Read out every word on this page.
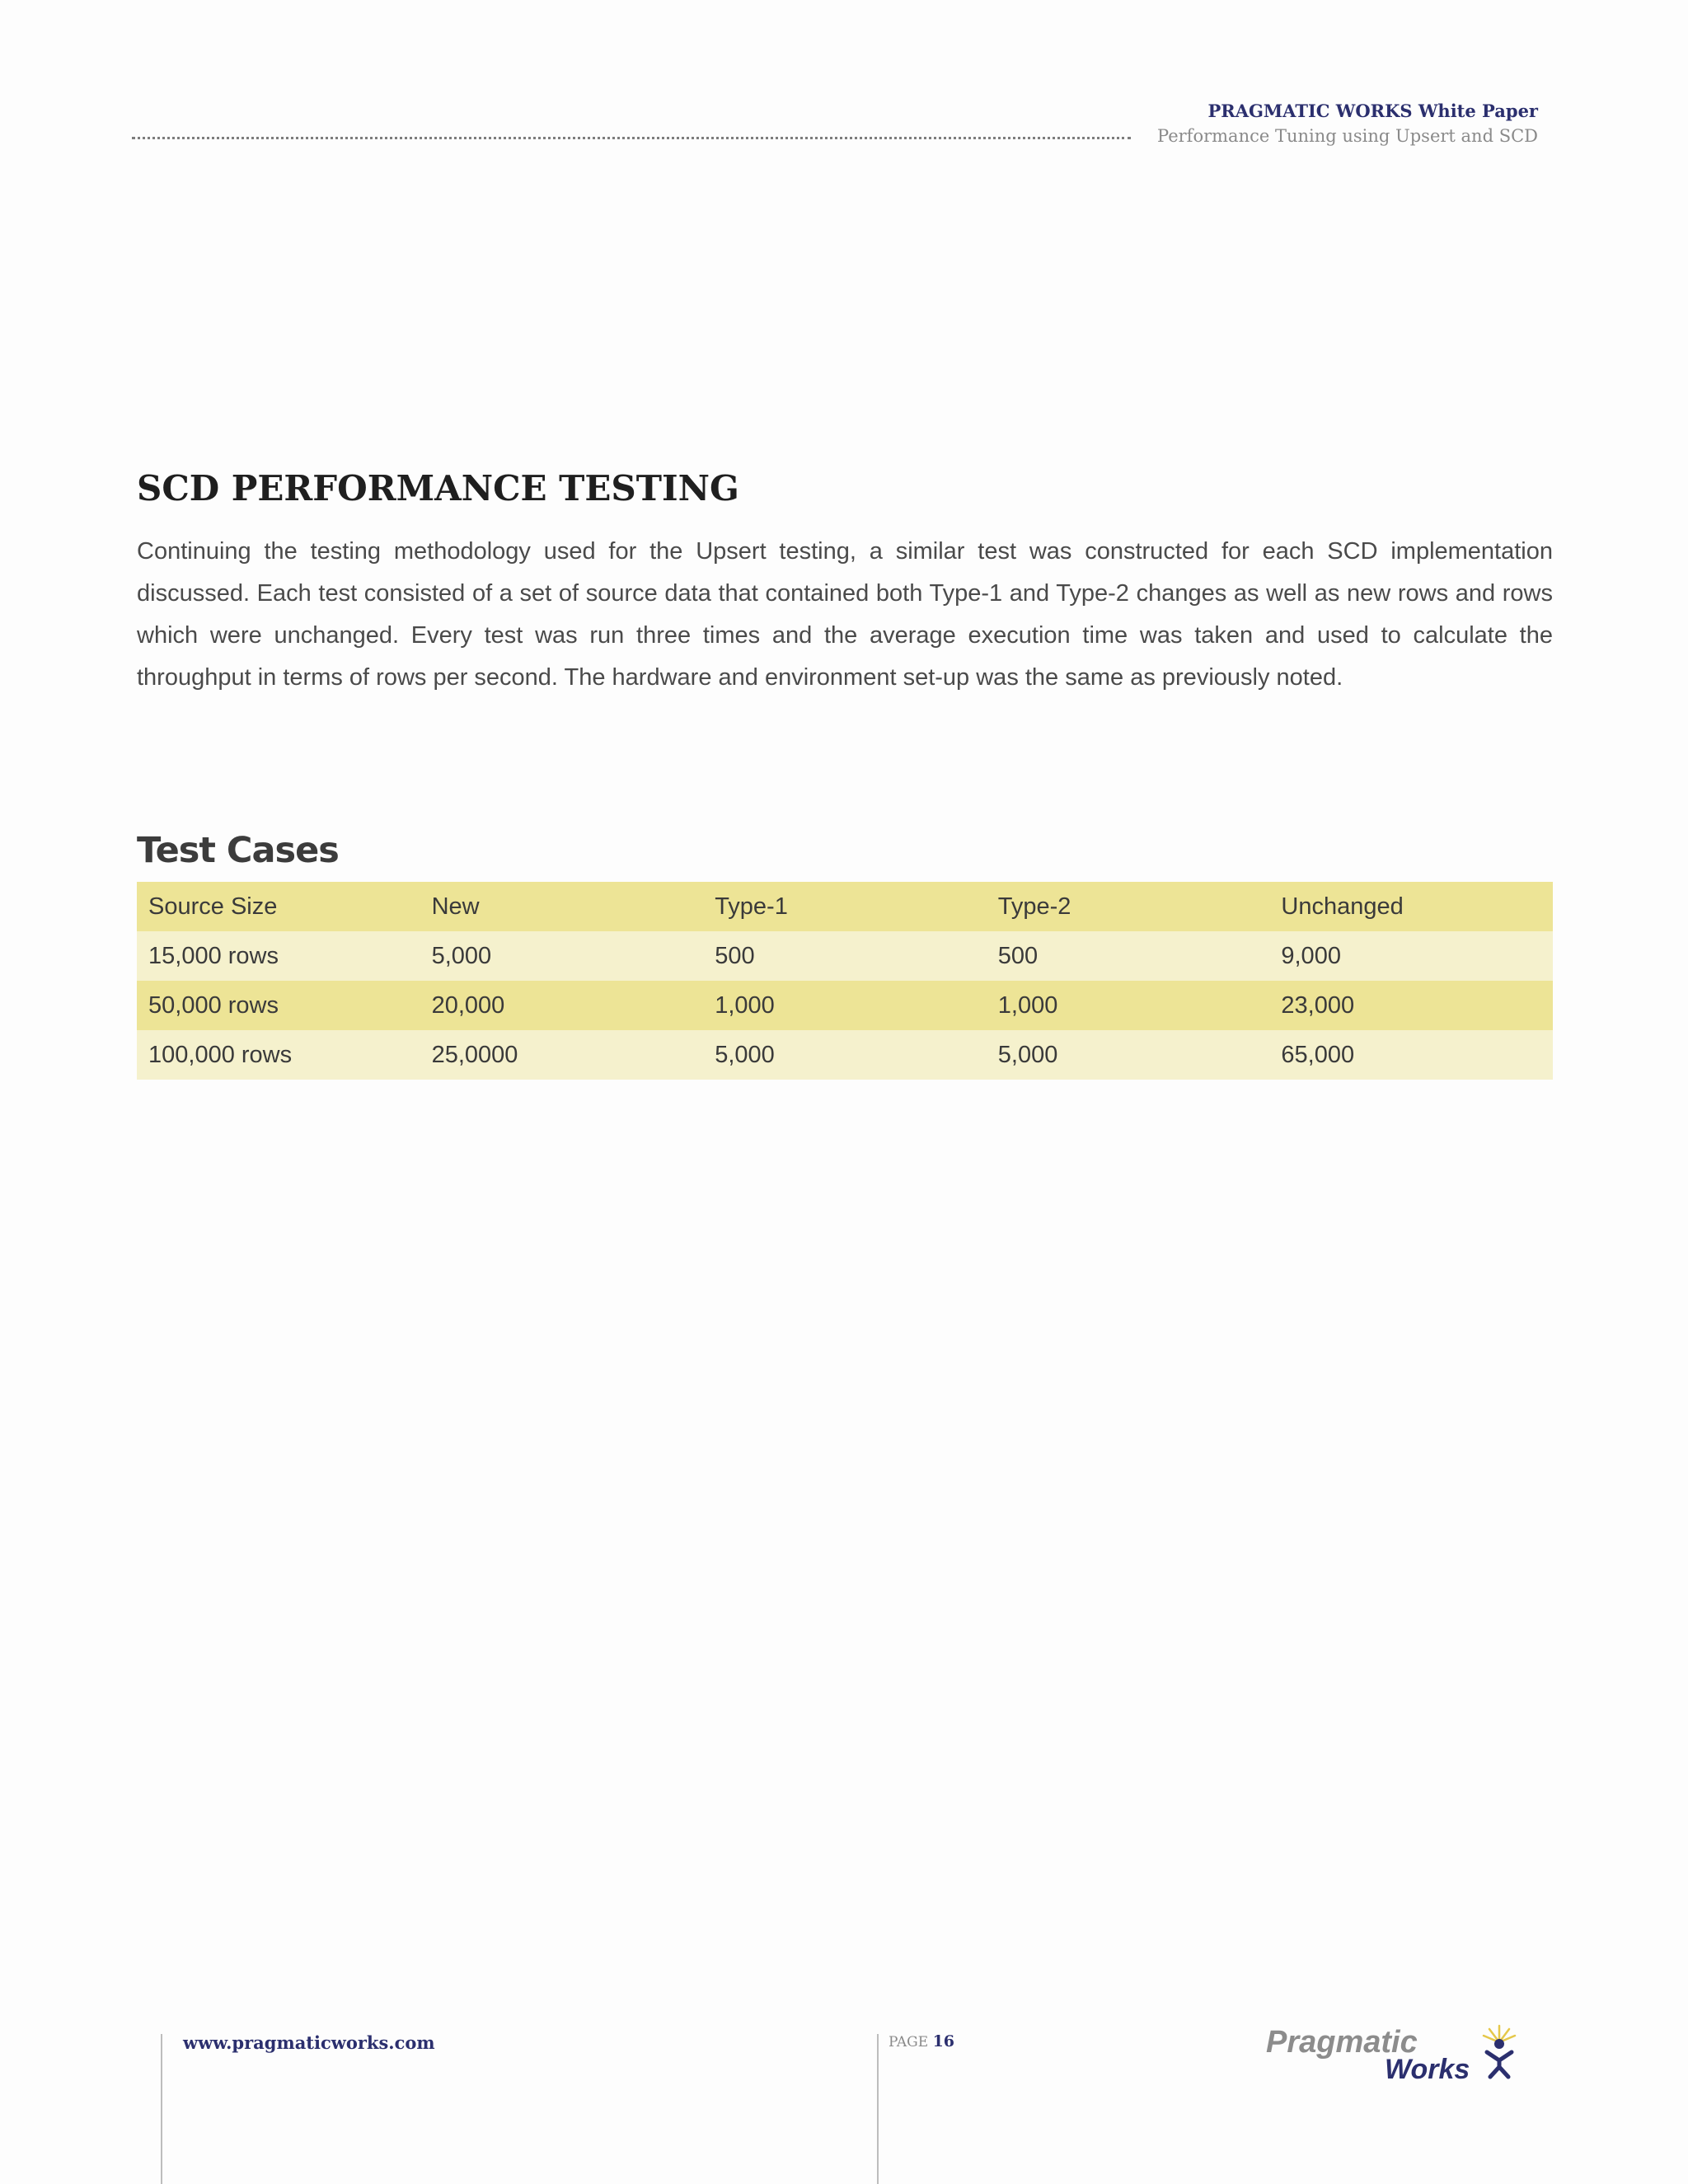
PRAGMATIC WORKS White Paper
Performance Tuning using Upsert and SCD
SCD PERFORMANCE TESTING

Continuing the testing methodology used for the Upsert testing, a similar test was constructed for each SCD implementation discussed. Each test consisted of a set of source data that contained both Type-1 and Type-2 changes as well as new rows and rows which were unchanged. Every test was run three times and the average execution time was taken and used to calculate the throughput in terms of rows per second. The hardware and environment set-up was the same as previously noted.

Test Cases
Source Size	New	Type-1	Type-2	Unchanged
15,000 rows	5,000	500	500	9,000
50,000 rows	20,000	1,000	1,000	23,000
100,000 rows	25,0000	5,000	5,000	65,000
www.pragmaticworks.com	PAGE 16	Pragmatic
Works
